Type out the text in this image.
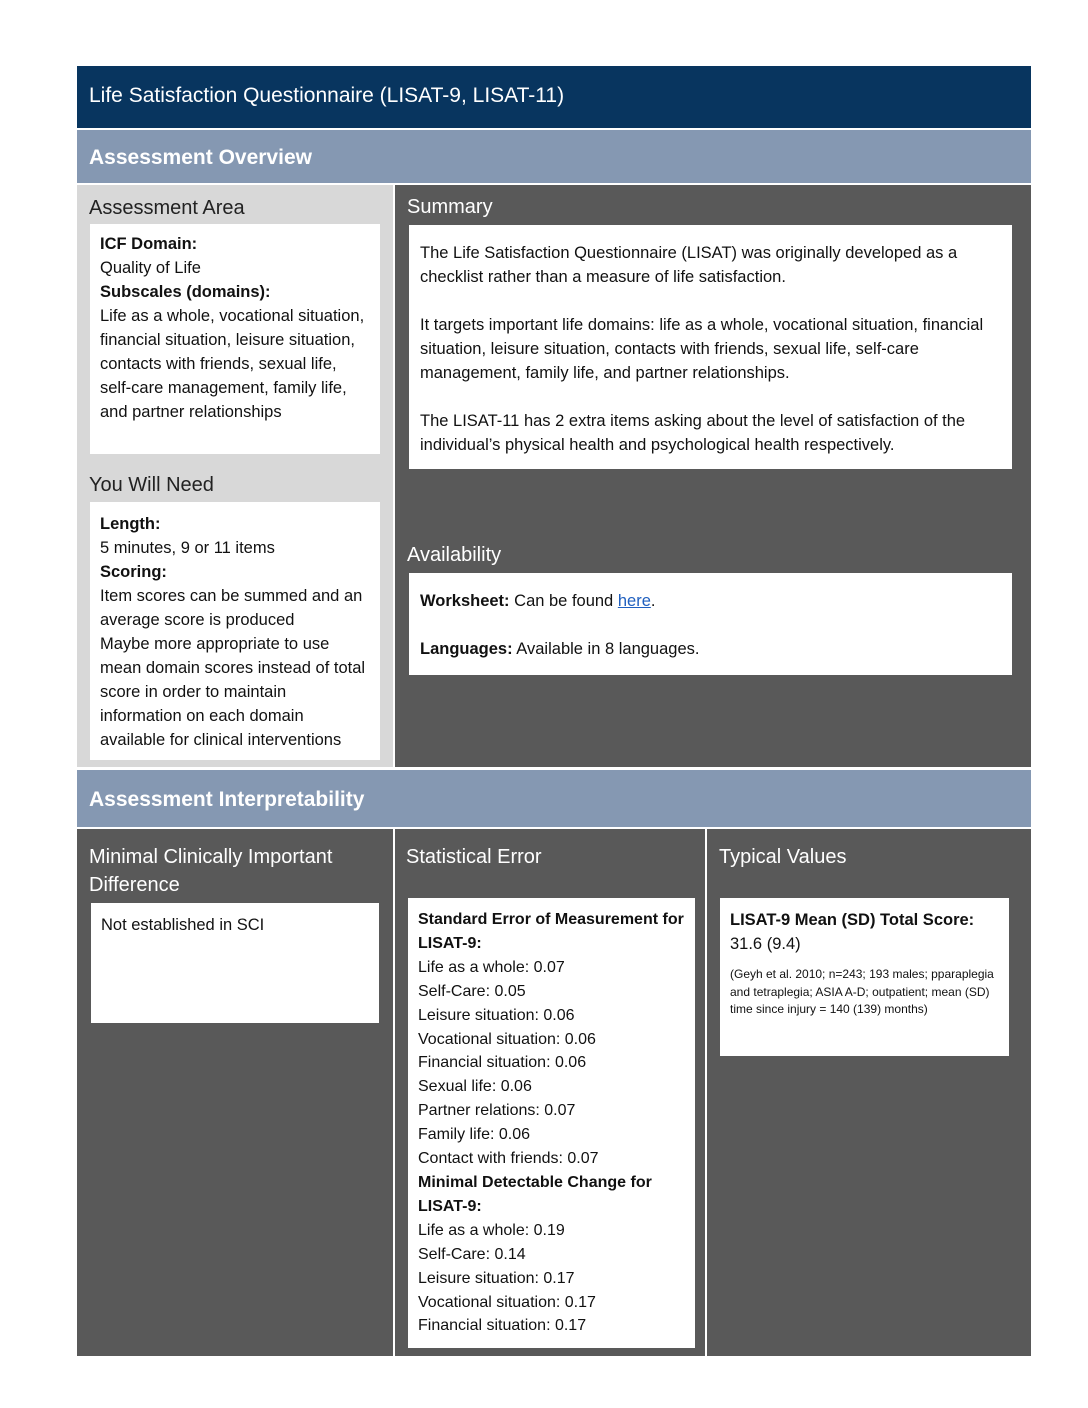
Life Satisfaction Questionnaire (LISAT-9, LISAT-11)
Assessment Overview
Assessment Area
ICF Domain:
Quality of Life
Subscales (domains):
Life as a whole, vocational situation, financial situation, leisure situation, contacts with friends, sexual life, self-care management, family life, and partner relationships
You Will Need
Length:
5 minutes, 9 or 11 items
Scoring:
Item scores can be summed and an average score is produced
Maybe more appropriate to use mean domain scores instead of total score in order to maintain information on each domain available for clinical interventions
Summary

The Life Satisfaction Questionnaire (LISAT) was originally developed as a checklist rather than a measure of life satisfaction.

It targets important life domains: life as a whole, vocational situation, financial situation, leisure situation, contacts with friends, sexual life, self-care management, family life, and partner relationships.

The LISAT-11 has 2 extra items asking about the level of satisfaction of the individual’s physical health and psychological health respectively.

Availability

Worksheet: Can be found here.

Languages: Available in 8 languages.

Assessment Interpretability
Minimal Clinically Important Difference
Not established in SCI
Statistical Error
Standard Error of Measurement for LISAT-9:
Life as a whole: 0.07
Self-Care: 0.05
Leisure situation: 0.06
Vocational situation: 0.06
Financial situation: 0.06
Sexual life: 0.06
Partner relations: 0.07
Family life: 0.06
Contact with friends: 0.07
Minimal Detectable Change for LISAT-9:
Life as a whole: 0.19
Self-Care: 0.14
Leisure situation: 0.17
Vocational situation: 0.17
Financial situation: 0.17
Typical Values
LISAT-9 Mean (SD) Total Score:
31.6 (9.4)
(Geyh et al. 2010; n=243; 193 males; pparaplegia and tetraplegia; ASIA A-D; outpatient; mean (SD) time since injury = 140 (139) months)
